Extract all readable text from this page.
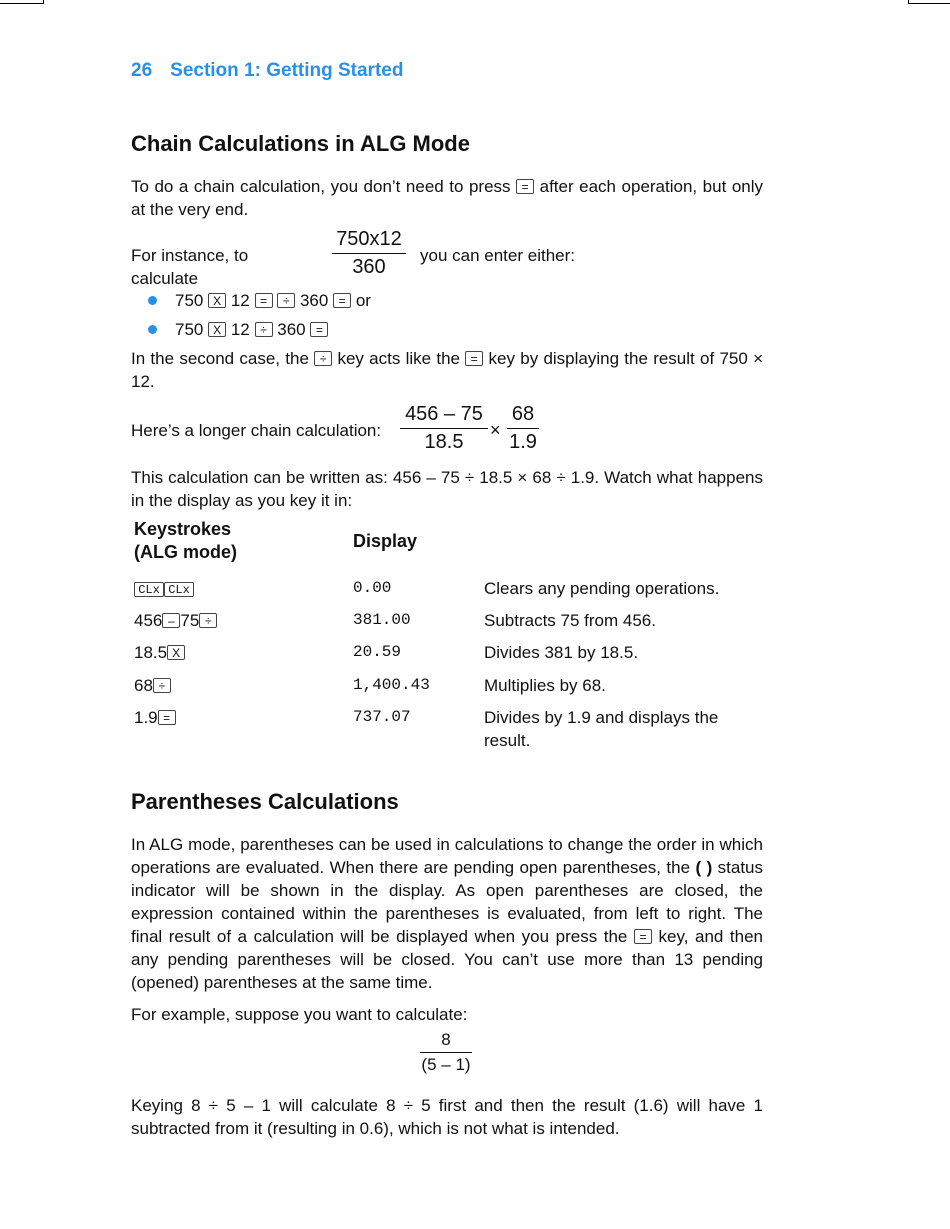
26 Section 1: Getting Started
Chain Calculations in ALG Mode

To do a chain calculation, you don’t need to press = after each operation, but only at the very end.

For instance, to calculate
750x12
360
you can enter either:
750 X 12 = ÷ 360 = or
750 X 12 ÷ 360 =

In the second case, the ÷ key acts like the = key by displaying the result of 750 × 12.

Here’s a longer chain calculation:
456 – 75
18.5
×
68
1.9

This calculation can be written as: 456 – 75 ÷ 18.5 × 68 ÷ 1.9. Watch what happens in the display as you key it in:

Keystrokes
(ALG mode)
Display
CLx CLx	0.00	Clears any pending operations.
456 – 75 ÷	381.00	Subtracts 75 from 456.
18.5 X	20.59	Divides 381 by 18.5.
68 ÷	1,400.43	Multiplies by 68.
1.9 =	737.07	Divides by 1.9 and displays the result.
Parentheses Calculations

In ALG mode, parentheses can be used in calculations to change the order in which operations are evaluated. When there are pending open parentheses, the ( ) status indicator will be shown in the display. As open parentheses are closed, the expression contained within the parentheses is evaluated, from left to right. The final result of a calculation will be displayed when you press the = key, and then any pending parentheses will be closed. You can’t use more than 13 pending (opened) parentheses at the same time.

For example, suppose you want to calculate:
8
(5 – 1)

Keying 8 ÷ 5 – 1 will calculate 8 ÷ 5 first and then the result (1.6) will have 1 subtracted from it (resulting in 0.6), which is not what is intended.
